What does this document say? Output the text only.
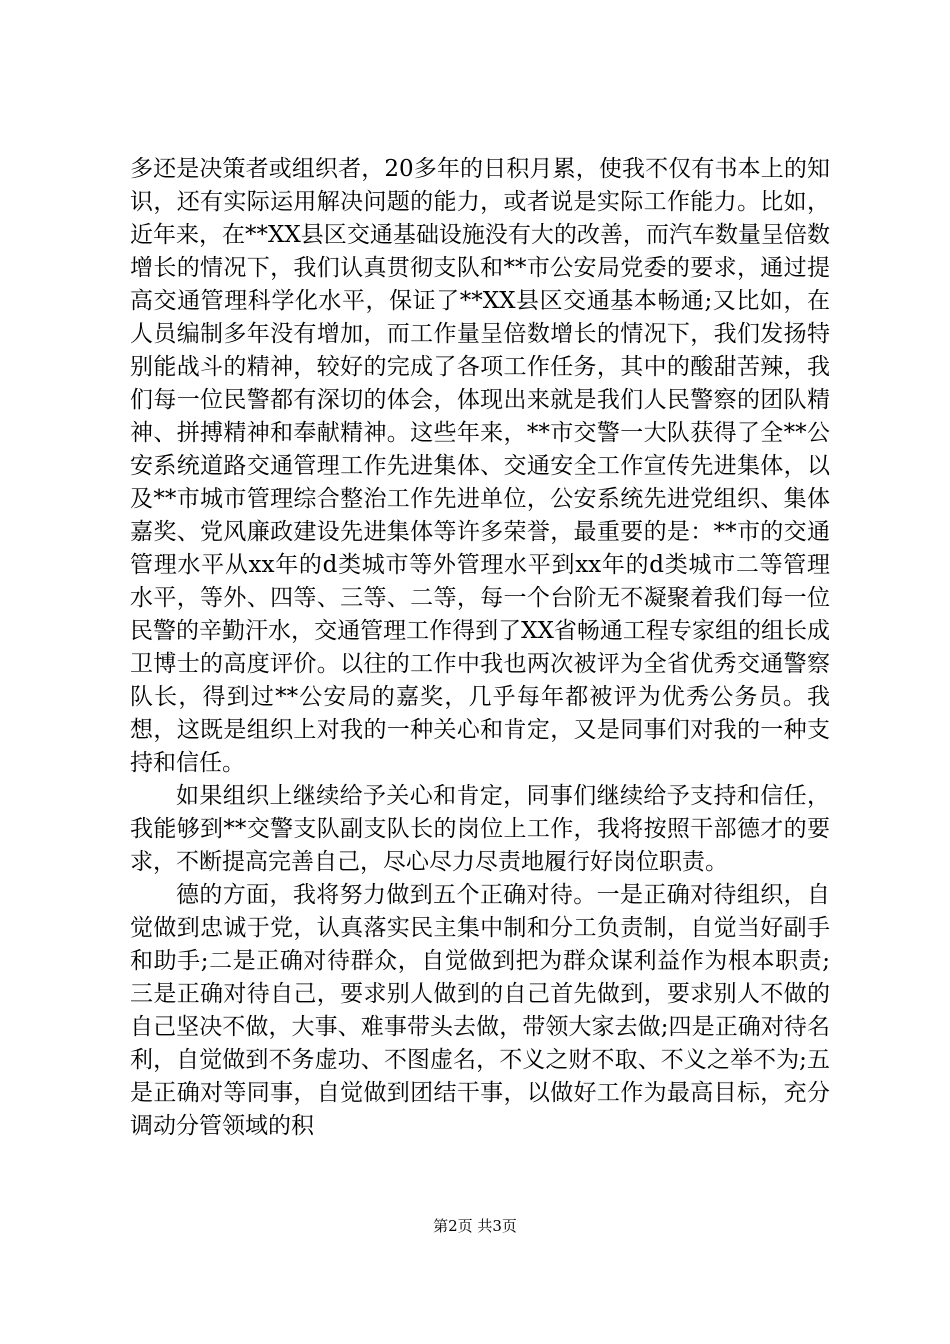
多还是决策者或组织者，20多年的日积月累，使我不仅有书本上的知识，还有实际运用解决问题的能力，或者说是实际工作能力。比如，近年来，在**XX县区交通基础设施没有大的改善，而汽车数量呈倍数增长的情况下，我们认真贯彻支队和**市公安局党委的要求，通过提高交通管理科学化水平，保证了**XX县区交通基本畅通;又比如，在人员编制多年没有增加，而工作量呈倍数增长的情况下，我们发扬特别能战斗的精神，较好的完成了各项工作任务，其中的酸甜苦辣，我们每一位民警都有深切的体会，体现出来就是我们人民警察的团队精神、拼搏精神和奉献精神。这些年来，**市交警一大队获得了全**公安系统道路交通管理工作先进集体、交通安全工作宣传先进集体，以及**市城市管理综合整治工作先进单位，公安系统先进党组织、集体嘉奖、党风廉政建设先进集体等许多荣誉，最重要的是：**市的交通管理水平从xx年的d类城市等外管理水平到xx年的d类城市二等管理水平，等外、四等、三等、二等，每一个台阶无不凝聚着我们每一位民警的辛勤汗水，交通管理工作得到了XX省畅通工程专家组的组长成卫博士的高度评价。以往的工作中我也两次被评为全省优秀交通警察队长，得到过**公安局的嘉奖，几乎每年都被评为优秀公务员。我想，这既是组织上对我的一种关心和肯定，又是同事们对我的一种支持和信任。

如果组织上继续给予关心和肯定，同事们继续给予支持和信任，我能够到**交警支队副支队长的岗位上工作，我将按照干部德才的要求，不断提高完善自己，尽心尽力尽责地履行好岗位职责。

德的方面，我将努力做到五个正确对待。一是正确对待组织，自觉做到忠诚于党，认真落实民主集中制和分工负责制，自觉当好副手和助手;二是正确对待群众，自觉做到把为群众谋利益作为根本职责;三是正确对待自己，要求别人做到的自己首先做到，要求别人不做的自己坚决不做，大事、难事带头去做，带领大家去做;四是正确对待名利，自觉做到不务虚功、不图虚名，不义之财不取、不义之举不为;五是正确对等同事，自觉做到团结干事，以做好工作为最高目标，充分调动分管领域的积

第2页 共3页
